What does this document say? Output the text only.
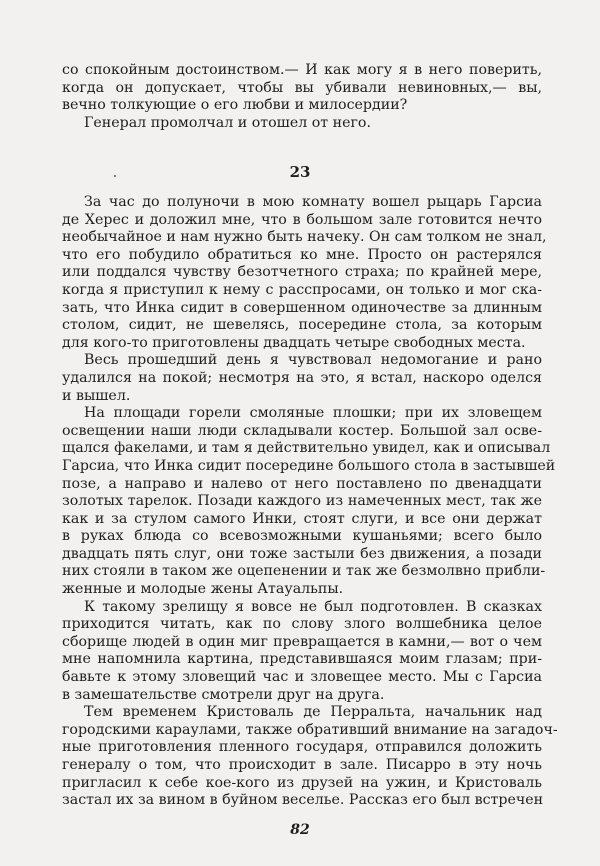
со спокойным достоинством.— И как могу я в него поверить,
когда он допускает, чтобы вы убивали невиновных,— вы,
вечно толкующие о его любви и милосердии?
Генерал промолчал и отошел от него.
23
За час до полуночи в мою комнату вошел рыцарь Гарсиа
де Херес и доложил мне, что в большом зале готовится нечто
необычайное и нам нужно быть начеку. Он сам толком не знал,
что его побудило обратиться ко мне. Просто он растерялся
или поддался чувству безотчетного страха; по крайней мере,
когда я приступил к нему с расспросами, он только и мог ска-
зать, что Инка сидит в совершенном одиночестве за длинным
столом, сидит, не шевелясь, посередине стола, за которым
для кого-то приготовлены двадцать четыре свободных места.
Весь прошедший день я чувствовал недомогание и рано
удалился на покой; несмотря на это, я встал, наскоро оделся
и вышел.
На площади горели смоляные плошки; при их зловещем
освещении наши люди складывали костер. Большой зал осве-
щался факелами, и там я действительно увидел, как и описывал
Гарсиа, что Инка сидит посередине большого стола в застывшей
позе, а направо и налево от него поставлено по двенадцати
золотых тарелок. Позади каждого из намеченных мест, так же
как и за стулом самого Инки, стоят слуги, и все они держат
в руках блюда со всевозможными кушаньями; всего было
двадцать пять слуг, они тоже застыли без движения, а позади
них стояли в таком же оцепенении и так же безмолвно прибли-
женные и молодые жены Атауальпы.
К такому зрелищу я вовсе не был подготовлен. В сказках
приходится читать, как по слову злого волшебника целое
сборище людей в один миг превращается в камни,— вот о чем
мне напомнила картина, представившаяся моим глазам; при-
бавьте к этому зловещий час и зловещее место. Мы с Гарсиа
в замешательстве смотрели друг на друга.
Тем временем Кристоваль де Перральта, начальник над
городскими караулами, также обративший внимание на загадоч-
ные приготовления пленного государя, отправился доложить
генералу о том, что происходит в зале. Писарро в эту ночь
пригласил к себе кое-кого из друзей на ужин, и Кристоваль
застал их за вином в буйном веселье. Рассказ его был встречен
82
